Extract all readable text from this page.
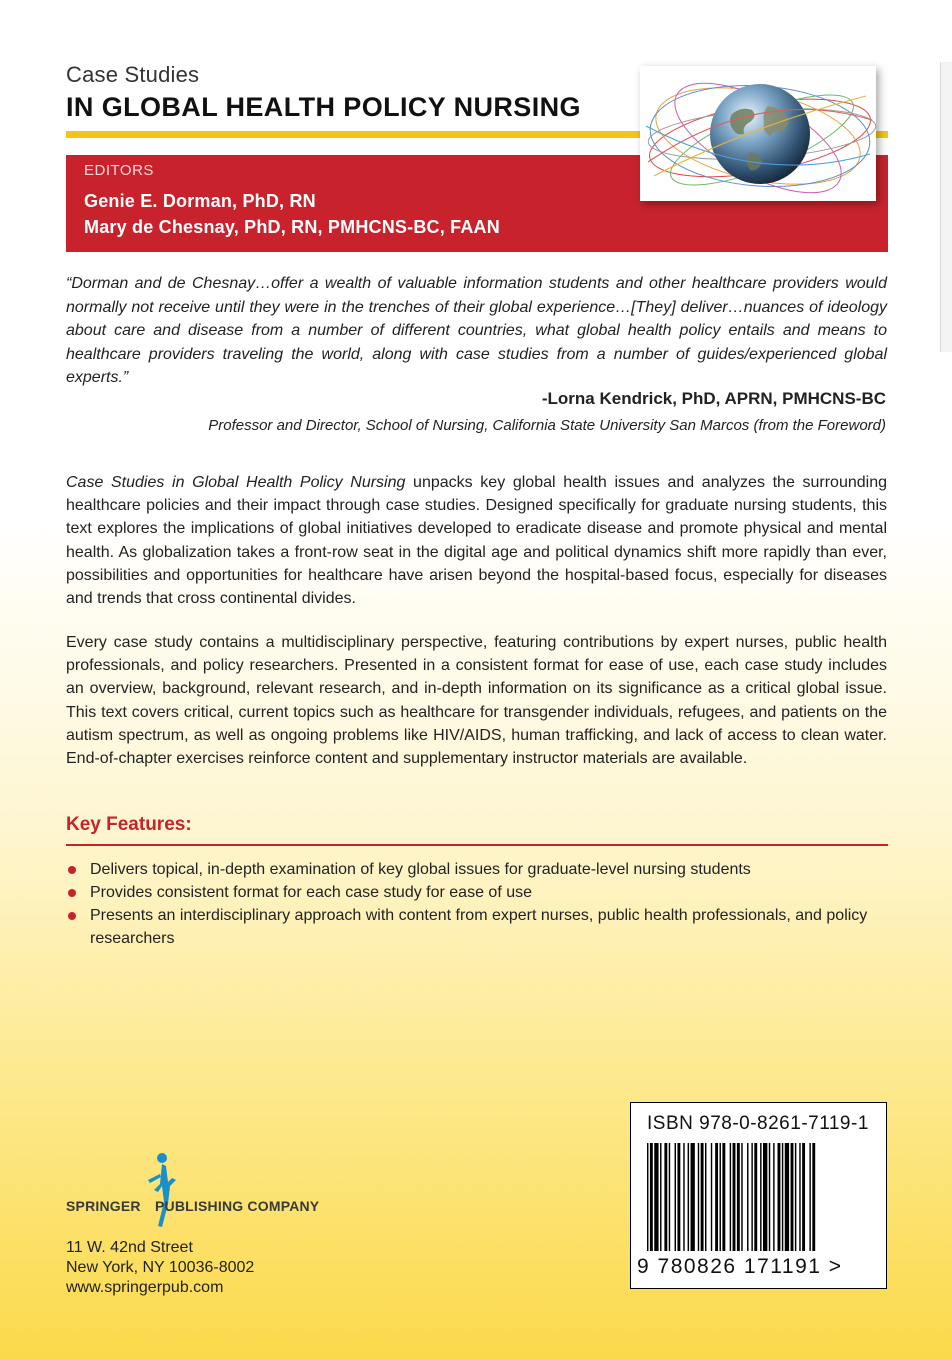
Case Studies
IN GLOBAL HEALTH POLICY NURSING
EDITORS
Genie E. Dorman, PhD, RN
Mary de Chesnay, PhD, RN, PMHCNS-BC, FAAN

“Dorman and de Chesnay…offer a wealth of valuable information students and other healthcare providers would normally not receive until they were in the trenches of their global experience…[They] deliver…nuances of ideology about care and disease from a number of different countries, what global health policy entails and means to healthcare providers traveling the world, along with case studies from a number of guides/experienced global experts.”

-Lorna Kendrick, PhD, APRN, PMHCNS-BC
Professor and Director, School of Nursing, California State University San Marcos (from the Foreword)

Case Studies in Global Health Policy Nursing unpacks key global health issues and analyzes the surrounding healthcare policies and their impact through case studies. Designed specifically for graduate nursing students, this text explores the implications of global initiatives developed to eradicate disease and promote physical and mental health. As globalization takes a front-row seat in the digital age and political dynamics shift more rapidly than ever, possibilities and opportunities for healthcare have arisen beyond the hospital-based focus, especially for diseases and trends that cross continental divides.

Every case study contains a multidisciplinary perspective, featuring contributions by expert nurses, public health professionals, and policy researchers. Presented in a consistent format for ease of use, each case study includes an overview, background, relevant research, and in-depth information on its significance as a critical global issue. This text covers critical, current topics such as healthcare for transgender individuals, refugees, and patients on the autism spectrum, as well as ongoing problems like HIV/AIDS, human trafficking, and lack of access to clean water. End-of-chapter exercises reinforce content and supplementary instructor materials are available.

Key Features:
Delivers topical, in-depth examination of key global issues for graduate-level nursing students
Provides consistent format for each case study for ease of use
Presents an interdisciplinary approach with content from expert nurses, public health professionals, and policy researchers
ISBN 978-0-8261-7119-1
9 780826 171191 >
SPRINGER PUBLISHING COMPANY
11 W. 42nd Street
New York, NY 10036-8002
www.springerpub.com
